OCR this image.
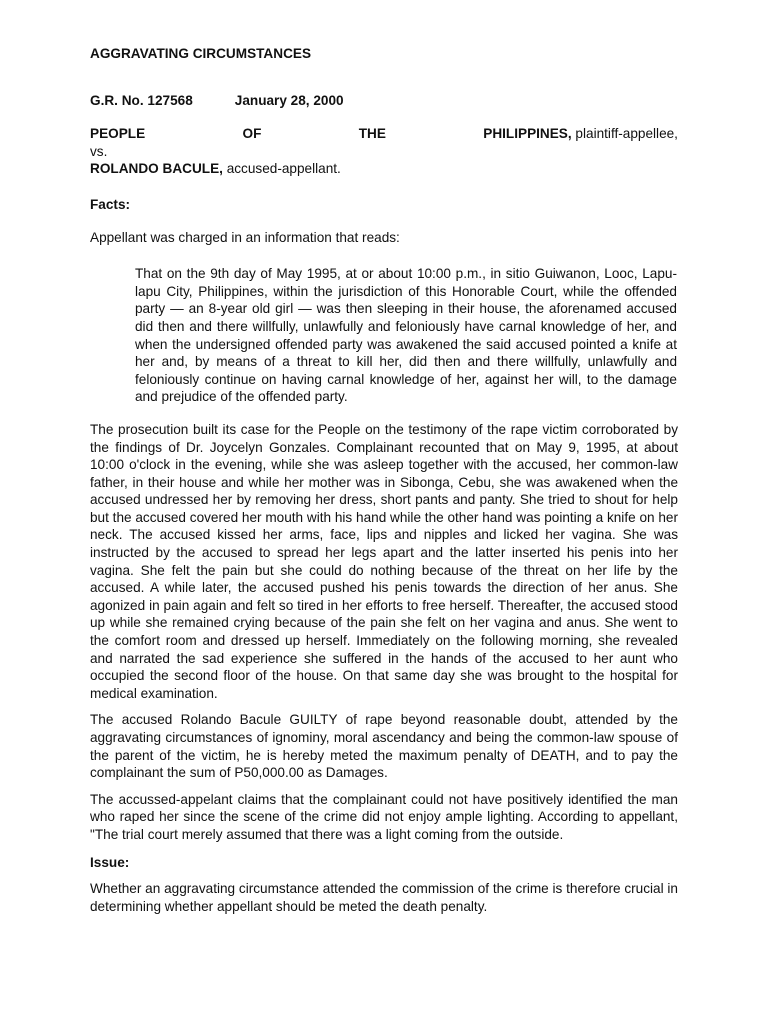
AGGRAVATING CIRCUMSTANCES

G.R. No. 127568	January 28, 2000
PEOPLE	OF	THE	PHILIPPINES, plaintiff-appellee,

vs.

ROLANDO BACULE, accused-appellant.

Facts:

Appellant was charged in an information that reads:

That on the 9th day of May 1995, at or about 10:00 p.m., in sitio Guiwanon, Looc, Lapu-lapu City, Philippines, within the jurisdiction of this Honorable Court, while the offended party — an 8-year old girl — was then sleeping in their house, the aforenamed accused did then and there willfully, unlawfully and feloniously have carnal knowledge of her, and when the undersigned offended party was awakened the said accused pointed a knife at her and, by means of a threat to kill her, did then and there willfully, unlawfully and feloniously continue on having carnal knowledge of her, against her will, to the damage and prejudice of the offended party.

The prosecution built its case for the People on the testimony of the rape victim corroborated by the findings of Dr. Joycelyn Gonzales. Complainant recounted that on May 9, 1995, at about 10:00 o'clock in the evening, while she was asleep together with the accused, her common-law father, in their house and while her mother was in Sibonga, Cebu, she was awakened when the accused undressed her by removing her dress, short pants and panty. She tried to shout for help but the accused covered her mouth with his hand while the other hand was pointing a knife on her neck. The accused kissed her arms, face, lips and nipples and licked her vagina. She was instructed by the accused to spread her legs apart and the latter inserted his penis into her vagina. She felt the pain but she could do nothing because of the threat on her life by the accused. A while later, the accused pushed his penis towards the direction of her anus. She agonized in pain again and felt so tired in her efforts to free herself. Thereafter, the accused stood up while she remained crying because of the pain she felt on her vagina and anus. She went to the comfort room and dressed up herself. Immediately on the following morning, she revealed and narrated the sad experience she suffered in the hands of the accused to her aunt who occupied the second floor of the house. On that same day she was brought to the hospital for medical examination.

The accused Rolando Bacule GUILTY of rape beyond reasonable doubt, attended by the aggravating circumstances of ignominy, moral ascendancy and being the common-law spouse of the parent of the victim, he is hereby meted the maximum penalty of DEATH, and to pay the complainant the sum of P50,000.00 as Damages.

The accussed-appelant claims that the complainant could not have positively identified the man who raped her since the scene of the crime did not enjoy ample lighting. According to appellant, "The trial court merely assumed that there was a light coming from the outside.

Issue:

Whether an aggravating circumstance attended the commission of the crime is therefore crucial in determining whether appellant should be meted the death penalty.
